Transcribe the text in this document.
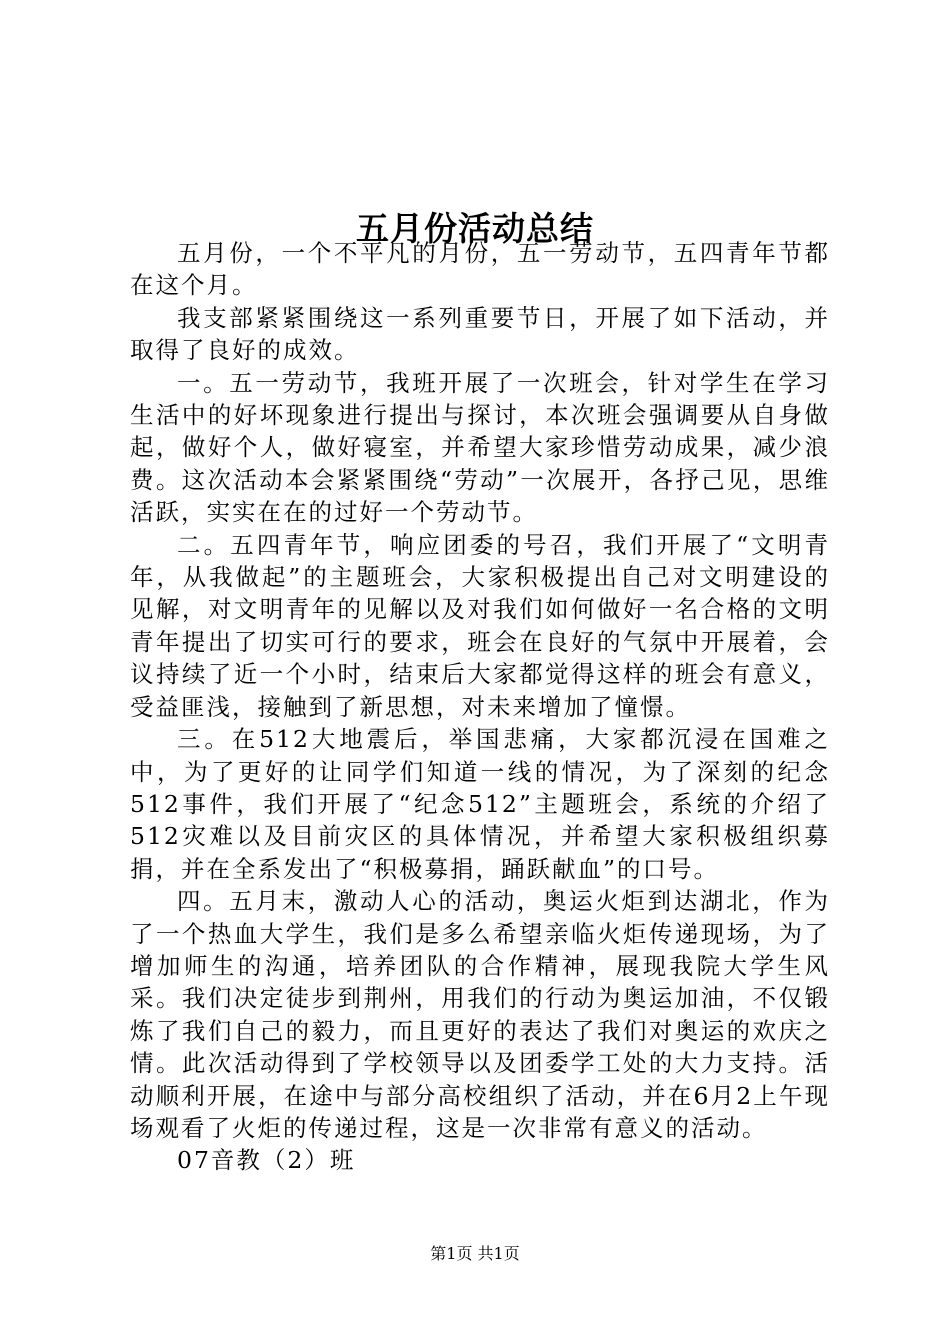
五月份活动总结

五月份，一个不平凡的月份，五一劳动节，五四青年节都在这个月。

我支部紧紧围绕这一系列重要节日，开展了如下活动，并取得了良好的成效。

一。五一劳动节，我班开展了一次班会，针对学生在学习生活中的好坏现象进行提出与探讨，本次班会强调要从自身做起，做好个人，做好寝室，并希望大家珍惜劳动成果，减少浪费。这次活动本会紧紧围绕“劳动”一次展开，各抒己见，思维活跃，实实在在的过好一个劳动节。

二。五四青年节，响应团委的号召，我们开展了“文明青年，从我做起”的主题班会，大家积极提出自己对文明建设的见解，对文明青年的见解以及对我们如何做好一名合格的文明青年提出了切实可行的要求，班会在良好的气氛中开展着，会议持续了近一个小时，结束后大家都觉得这样的班会有意义，受益匪浅，接触到了新思想，对未来增加了憧憬。

三。在512大地震后，举国悲痛，大家都沉浸在国难之中，为了更好的让同学们知道一线的情况，为了深刻的纪念512事件，我们开展了“纪念512”主题班会，系统的介绍了512灾难以及目前灾区的具体情况，并希望大家积极组织募捐，并在全系发出了“积极募捐，踊跃献血”的口号。

四。五月末，激动人心的活动，奥运火炬到达湖北，作为了一个热血大学生，我们是多么希望亲临火炬传递现场，为了增加师生的沟通，培养团队的合作精神，展现我院大学生风采。我们决定徒步到荆州，用我们的行动为奥运加油，不仅锻炼了我们自己的毅力，而且更好的表达了我们对奥运的欢庆之情。此次活动得到了学校领导以及团委学工处的大力支持。活动顺利开展，在途中与部分高校组织了活动，并在6月2上午现场观看了火炬的传递过程，这是一次非常有意义的活动。

07音教（2）班

第1页 共1页
